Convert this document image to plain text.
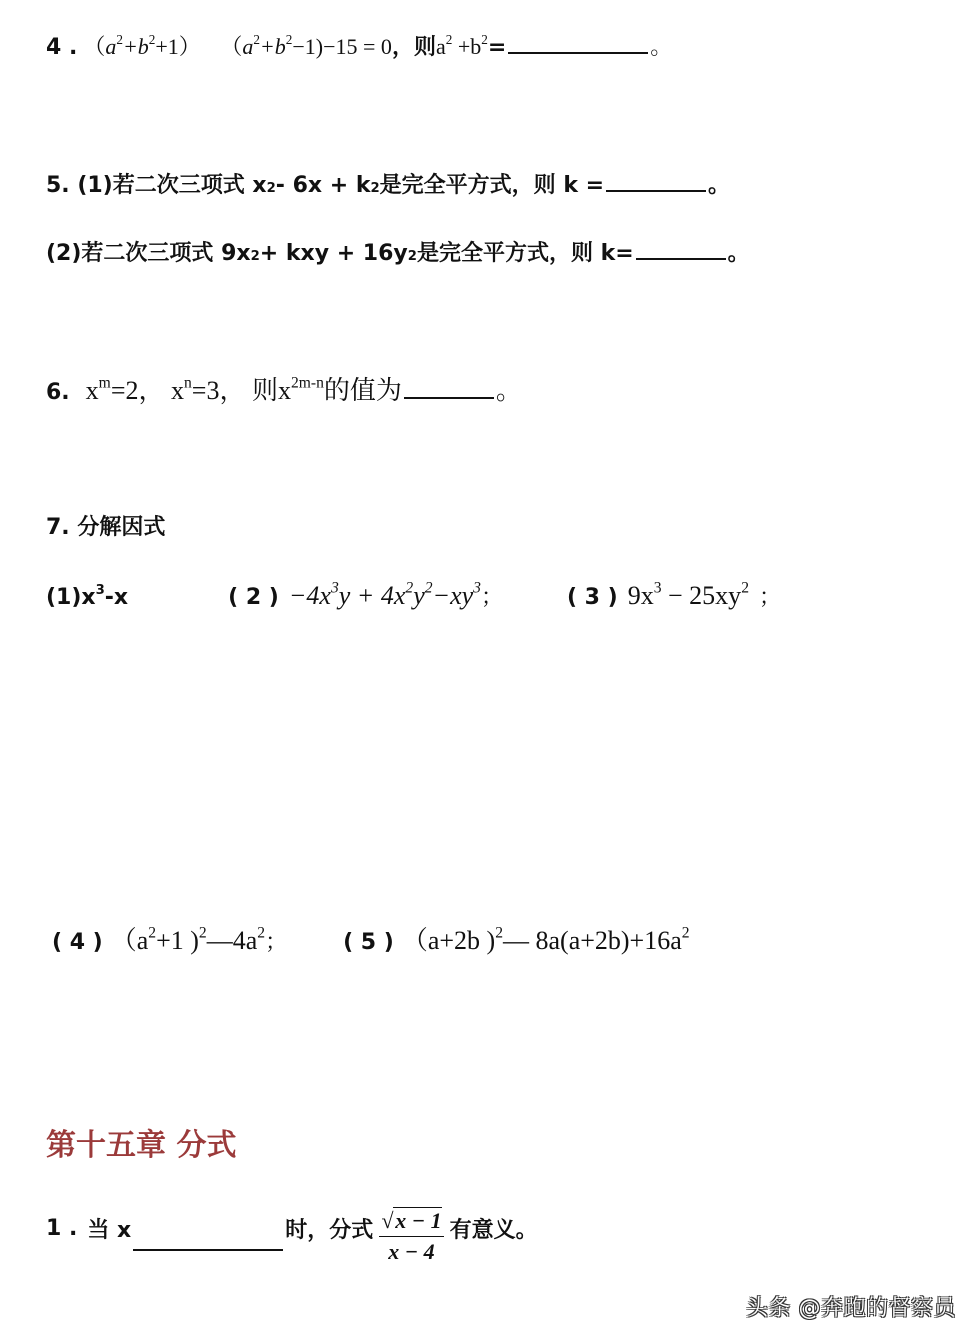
4 . $(a^2+b^2+1) (a^2+b^2-1)-15 = 0$ ，则 $a^2 +b^2$ =	。
5. (1) 若二次三项式 x 2 - 6x + k 2 是完全平方式，则 k =	。
(2) 若二次三项式 9x 2 + kxy + 16y 2 是完全平方式，则 k=	。
6. $x^m=2$， $x^n=3$， 则$x^{2m-n}$的值为	。
7. 分解因式
$(1)x^3-x$	( 2 ) $-4x^3y + 4x^2y^2-xy^3$ ；	( 3 ) $9x^3 - 25xy^2$ ；
( 4 ) （$a^2+1$ )$^2—4a^2$ ；	( 5 ) （a+2b )$^2$— $8a(a+2b)+16a^2$
第十五章 分式
1 . 当 x	时，分式 $\frac{√x - 1}{x - 4}$ 有意义。
头条 @奔跑的督察员
